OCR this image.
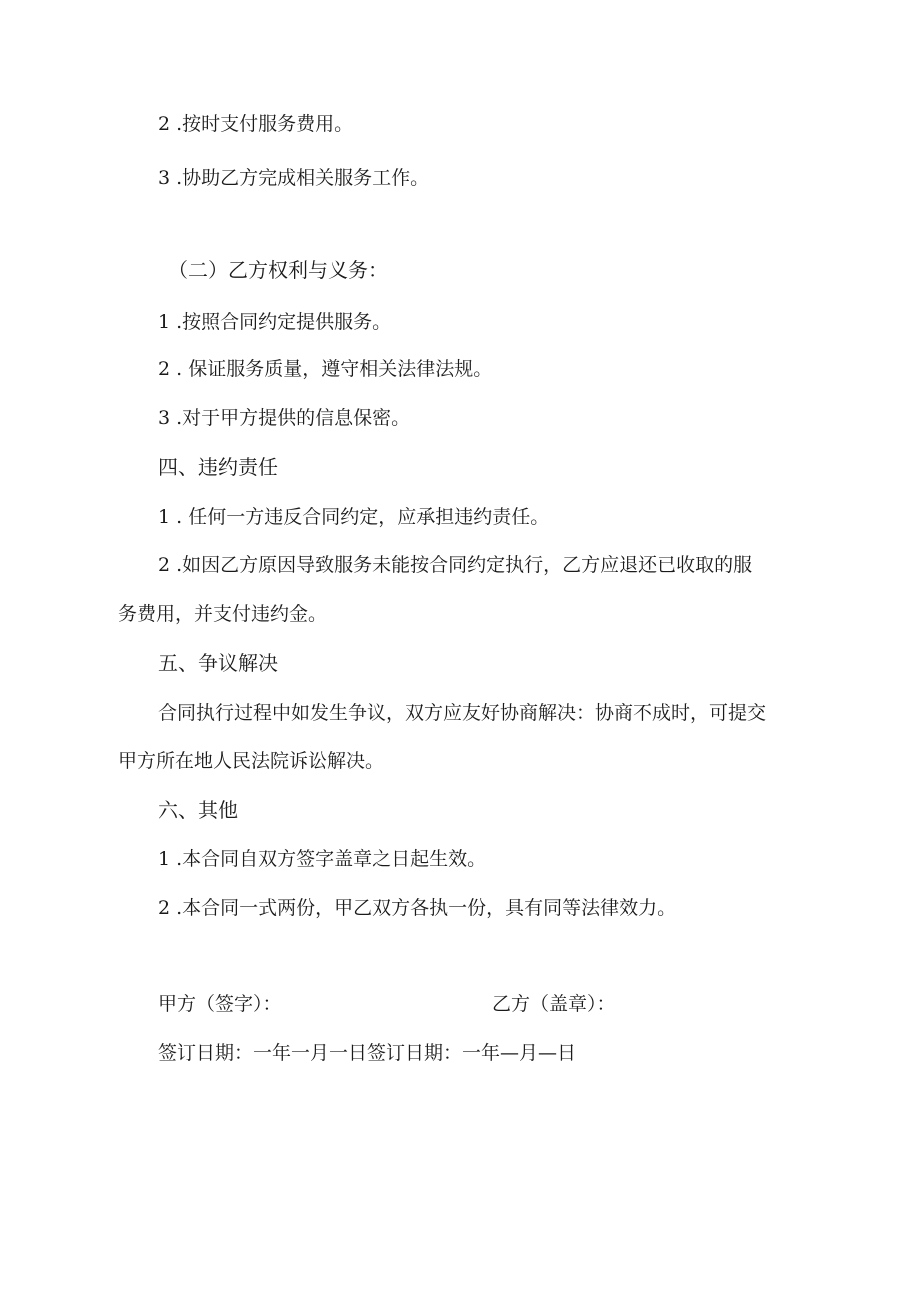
2 .按时支付服务费用。

3 .协助乙方完成相关服务工作。

（二）乙方权利与义务：

1 .按照合同约定提供服务。

2 . 保证服务质量，遵守相关法律法规。

3 .对于甲方提供的信息保密。

四、违约责任

1 . 任何一方违反合同约定，应承担违约责任。

2 .如因乙方原因导致服务未能按合同约定执行，乙方应退还已收取的服

务费用，并支付违约金。

五、争议解决

合同执行过程中如发生争议，双方应友好协商解决：协商不成时，可提交

甲方所在地人民法院诉讼解决。

六、其他

1 .本合同自双方签字盖章之日起生效。

2 .本合同一式两份，甲乙双方各执一份，具有同等法律效力。

甲方（签字）：	乙方（盖章）：

签订日期：一年一月一日签订日期：一年—月—日
